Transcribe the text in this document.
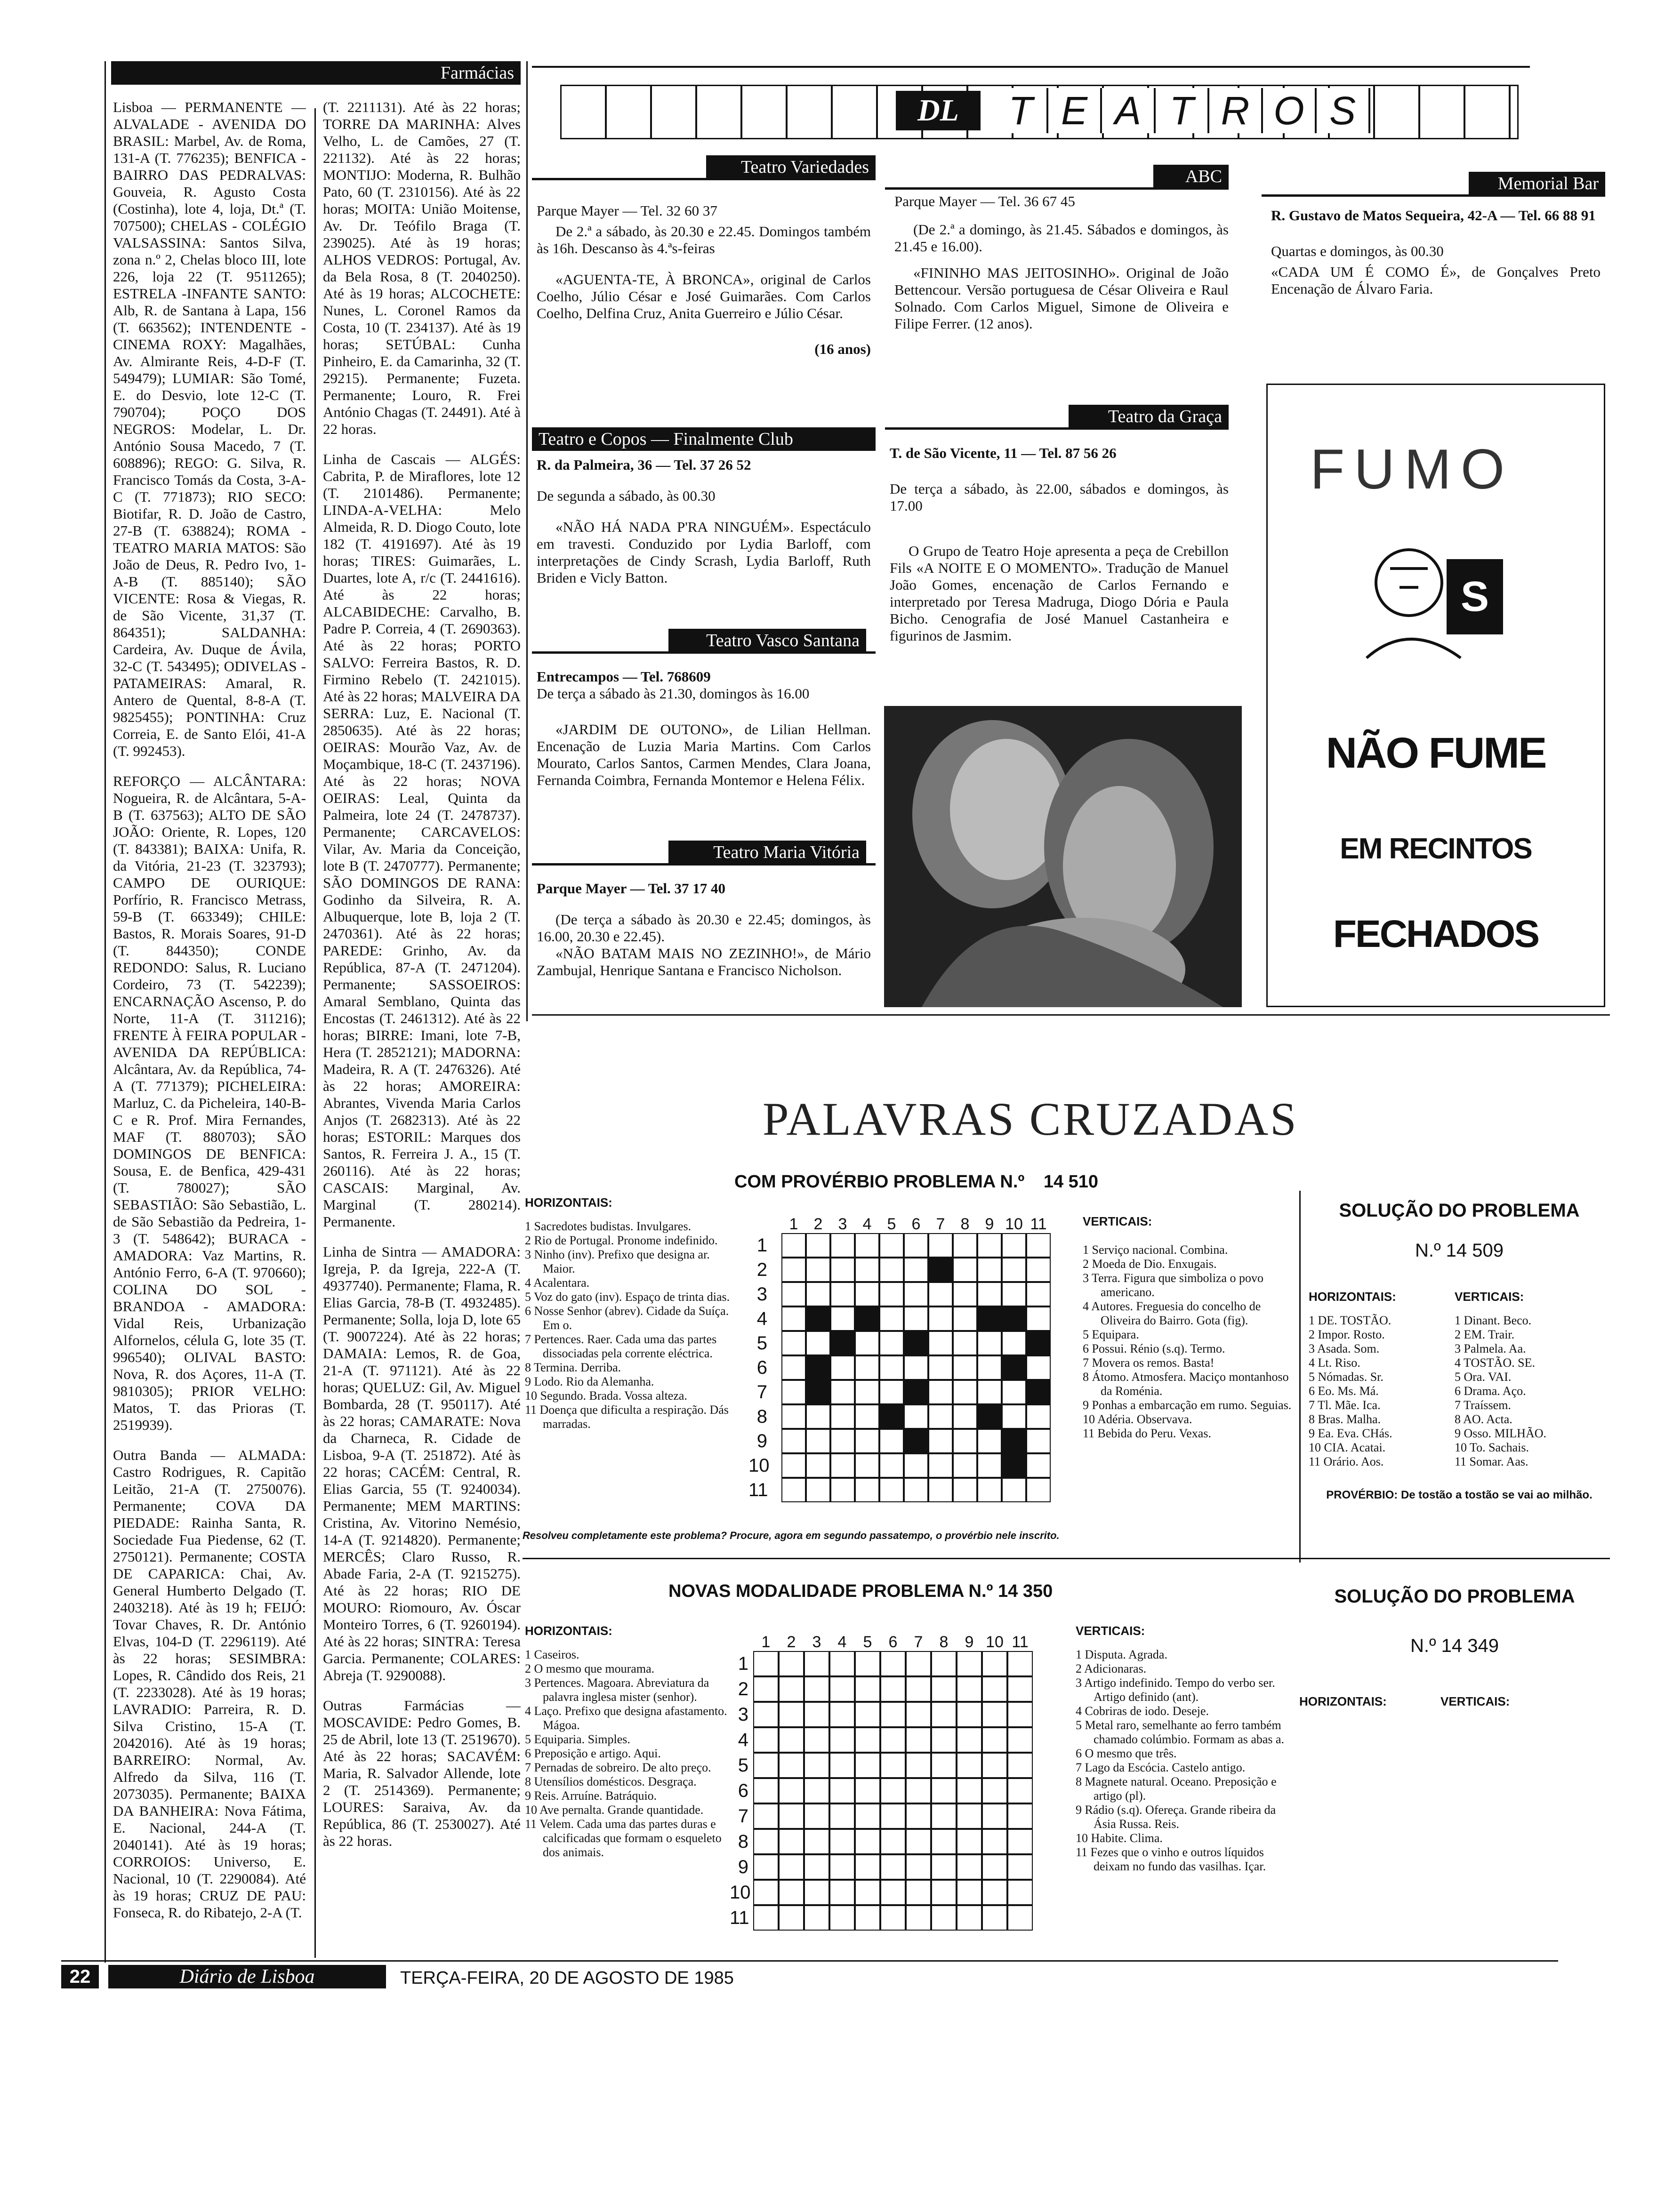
Farmácias

Lisboa — PERMANENTE — ALVALADE - AVENIDA DO BRASIL: Marbel, Av. de Roma, 131-A (T. 776235); BENFICA - BAIRRO DAS PEDRALVAS: Gouveia, R. Agusto Costa (Costinha), lote 4, loja, Dt.ª (T. 707500); CHELAS - COLÉGIO VALSASSINA: Santos Silva, zona n.º 2, Chelas bloco III, lote 226, loja 22 (T. 9511265); ESTRELA -INFANTE SANTO: Alb, R. de Santana à Lapa, 156 (T. 663562); INTENDENTE - CINEMA ROXY: Magalhães, Av. Almirante Reis, 4-D-F (T. 549479); LUMIAR: São Tomé, E. do Desvio, lote 12-C (T. 790704); POÇO DOS NEGROS: Modelar, L. Dr. António Sousa Macedo, 7 (T. 608896); REGO: G. Silva, R. Francisco Tomás da Costa, 3-A-C (T. 771873); RIO SECO: Biotifar, R. D. João de Castro, 27-B (T. 638824); ROMA - TEATRO MARIA MATOS: São João de Deus, R. Pedro Ivo, 1-A-B (T. 885140); SÃO VICENTE: Rosa & Viegas, R. de São Vicente, 31,37 (T. 864351); SALDANHA: Cardeira, Av. Duque de Ávila, 32-C (T. 543495); ODIVELAS - PATAMEIRAS: Amaral, R. Antero de Quental, 8-8-A (T. 9825455); PONTINHA: Cruz Correia, E. de Santo Elói, 41-A (T. 992453).

REFORÇO — ALCÂNTARA: Nogueira, R. de Alcântara, 5-A-B (T. 637563); ALTO DE SÃO JOÃO: Oriente, R. Lopes, 120 (T. 843381); BAIXA: Unifa, R. da Vitória, 21-23 (T. 323793); CAMPO DE OURIQUE: Porfírio, R. Francisco Metrass, 59-B (T. 663349); CHILE: Bastos, R. Morais Soares, 91-D (T. 844350); CONDE REDONDO: Salus, R. Luciano Cordeiro, 73 (T. 542239); ENCARNAÇÃO Ascenso, P. do Norte, 11-A (T. 311216); FRENTE À FEIRA POPULAR - AVENIDA DA REPÚBLICA: Alcântara, Av. da República, 74-A (T. 771379); PICHELEIRA: Marluz, C. da Picheleira, 140-B-C e R. Prof. Mira Fernandes, MAF (T. 880703); SÃO DOMINGOS DE BENFICA: Sousa, E. de Benfica, 429-431 (T. 780027); SÃO SEBASTIÃO: São Sebastião, L. de São Sebastião da Pedreira, 1-3 (T. 548642); BURACA - AMADORA: Vaz Martins, R. António Ferro, 6-A (T. 970660); COLINA DO SOL - BRANDOA - AMADORA: Vidal Reis, Urbanização Alfornelos, célula G, lote 35 (T. 996540); OLIVAL BASTO: Nova, R. dos Açores, 11-A (T. 9810305); PRIOR VELHO: Matos, T. das Prioras (T. 2519939).

Outra Banda — ALMADA: Castro Rodrigues, R. Capitão Leitão, 21-A (T. 2750076). Permanente; COVA DA PIEDADE: Rainha Santa, R. Sociedade Fua Piedense, 62 (T. 2750121). Permanente; COSTA DE CAPARICA: Chai, Av. General Humberto Delgado (T. 2403218). Até às 19 h; FEIJÓ: Tovar Chaves, R. Dr. António Elvas, 104-D (T. 2296119). Até às 22 horas; SESIMBRA: Lopes, R. Cândido dos Reis, 21 (T. 2233028). Até às 19 horas; LAVRADIO: Parreira, R. D. Silva Cristino, 15-A (T. 2042016). Até às 19 horas; BARREIRO: Normal, Av. Alfredo da Silva, 116 (T. 2073035). Permanente; BAIXA DA BANHEIRA: Nova Fátima, E. Nacional, 244-A (T. 2040141). Até às 19 horas; CORROIOS: Universo, E. Nacional, 10 (T. 2290084). Até às 19 horas; CRUZ DE PAU: Fonseca, R. do Ribatejo, 2-A (T.

(T. 2211131). Até às 22 horas; TORRE DA MARINHA: Alves Velho, L. de Camões, 27 (T. 221132). Até às 22 horas; MONTIJO: Moderna, R. Bulhão Pato, 60 (T. 2310156). Até às 22 horas; MOITA: União Moitense, Av. Dr. Teófilo Braga (T. 239025). Até às 19 horas; ALHOS VEDROS: Portugal, Av. da Bela Rosa, 8 (T. 2040250). Até às 19 horas; ALCOCHETE: Nunes, L. Coronel Ramos da Costa, 10 (T. 234137). Até às 19 horas; SETÚBAL: Cunha Pinheiro, E. da Camarinha, 32 (T. 29215). Permanente; Fuzeta. Permanente; Louro, R. Frei António Chagas (T. 24491). Até à 22 horas.

Linha de Cascais — ALGÉS: Cabrita, P. de Miraflores, lote 12 (T. 2101486). Permanente; LINDA-A-VELHA: Melo Almeida, R. D. Diogo Couto, lote 182 (T. 4191697). Até às 19 horas; TIRES: Guimarães, L. Duartes, lote A, r/c (T. 2441616). Até às 22 horas; ALCABIDECHE: Carvalho, B. Padre P. Correia, 4 (T. 2690363). Até às 22 horas; PORTO SALVO: Ferreira Bastos, R. D. Firmino Rebelo (T. 2421015). Até às 22 horas; MALVEIRA DA SERRA: Luz, E. Nacional (T. 2850635). Até às 22 horas; OEIRAS: Mourão Vaz, Av. de Moçambique, 18-C (T. 2437196). Até às 22 horas; NOVA OEIRAS: Leal, Quinta da Palmeira, lote 24 (T. 2478737). Permanente; CARCAVELOS: Vilar, Av. Maria da Conceição, lote B (T. 2470777). Permanente; SÃO DOMINGOS DE RANA: Godinho da Silveira, R. A. Albuquerque, lote B, loja 2 (T. 2470361). Até às 22 horas; PAREDE: Grinho, Av. da República, 87-A (T. 2471204). Permanente; SASSOEIROS: Amaral Semblano, Quinta das Encostas (T. 2461312). Até às 22 horas; BIRRE: Imani, lote 7-B, Hera (T. 2852121); MADORNA: Madeira, R. A (T. 2476326). Até às 22 horas; AMOREIRA: Abrantes, Vivenda Maria Carlos Anjos (T. 2682313). Até às 22 horas; ESTORIL: Marques dos Santos, R. Ferreira J. A., 15 (T. 260116). Até às 22 horas; CASCAIS: Marginal, Av. Marginal (T. 280214). Permanente.

Linha de Sintra — AMADORA: Igreja, P. da Igreja, 222-A (T. 4937740). Permanente; Flama, R. Elias Garcia, 78-B (T. 4932485). Permanente; Solla, loja D, lote 65 (T. 9007224). Até às 22 horas; DAMAIA: Lemos, R. de Goa, 21-A (T. 971121). Até às 22 horas; QUELUZ: Gil, Av. Miguel Bombarda, 28 (T. 950117). Até às 22 horas; CAMARATE: Nova da Charneca, R. Cidade de Lisboa, 9-A (T. 251872). Até às 22 horas; CACÉM: Central, R. Elias Garcia, 55 (T. 9240034). Permanente; MEM MARTINS: Cristina, Av. Vitorino Nemésio, 14-A (T. 9214820). Permanente; MERCÊS; Claro Russo, R. Abade Faria, 2-A (T. 9215275). Até às 22 horas; RIO DE MOURO: Riomouro, Av. Óscar Monteiro Torres, 6 (T. 9260194). Até às 22 horas; SINTRA: Teresa Garcia. Permanente; COLARES: Abreja (T. 9290088).

Outras Farmácias — MOSCAVIDE: Pedro Gomes, B. 25 de Abril, lote 13 (T. 2519670). Até às 22 horas; SACAVÉM: Maria, R. Salvador Allende, lote 2 (T. 2514369). Permanente; LOURES: Saraiva, Av. da República, 86 (T. 2530027). Até às 22 horas.

DL	T E A T R O S
Teatro Variedades

Parque Mayer — Tel. 32 60 37

De 2.ª a sábado, às 20.30 e 22.45. Domingos também às 16h. Descanso às 4.ªs-feiras

«AGUENTA-TE, À BRONCA», original de Carlos Coelho, Júlio César e José Guimarães. Com Carlos Coelho, Delfina Cruz, Anita Guerreiro e Júlio César.

(16 anos)

ABC

Parque Mayer — Tel. 36 67 45

(De 2.ª a domingo, às 21.45. Sábados e domingos, às 21.45 e 16.00).

«FININHO MAS JEITOSINHO». Original de João Bettencour. Versão portuguesa de César Oliveira e Raul Solnado. Com Carlos Miguel, Simone de Oliveira e Filipe Ferrer. (12 anos).

Memorial Bar

R. Gustavo de Matos Sequeira, 42-A — Tel. 66 88 91

Quartas e domingos, às 00.30

«CADA UM É COMO É», de Gonçalves Preto Encenação de Álvaro Faria.

Teatro e Copos — Finalmente Club

R. da Palmeira, 36 — Tel. 37 26 52

De segunda a sábado, às 00.30

«NÃO HÁ NADA P'RA NINGUÉM». Espectáculo em travesti. Conduzido por Lydia Barloff, com interpretações de Cindy Scrash, Lydia Barloff, Ruth Briden e Vicly Batton.

Teatro da Graça

T. de São Vicente, 11 — Tel. 87 56 26

De terça a sábado, às 22.00, sábados e domingos, às 17.00

O Grupo de Teatro Hoje apresenta a peça de Crebillon Fils «A NOITE E O MOMENTO». Tradução de Manuel João Gomes, encenação de Carlos Fernando e interpretado por Teresa Madruga, Diogo Dória e Paula Bicho. Cenografia de José Manuel Castanheira e figurinos de Jasmim.

Teatro Vasco Santana

Entrecampos — Tel. 768609

De terça a sábado às 21.30, domingos às 16.00

«JARDIM DE OUTONO», de Lilian Hellman. Encenação de Luzia Maria Martins. Com Carlos Mourato, Carlos Santos, Carmen Mendes, Clara Joana, Fernanda Coimbra, Fernanda Montemor e Helena Félix.

Teatro Maria Vitória

Parque Mayer — Tel. 37 17 40

(De terça a sábado às 20.30 e 22.45; domingos, às 16.00, 20.30 e 22.45).

«NÃO BATAM MAIS NO ZEZINHO!», de Mário Zambujal, Henrique Santana e Francisco Nicholson.

FUMO
S
NÃO FUME
EM RECINTOS
FECHADOS
PALAVRAS CRUZADAS
COM PROVÉRBIO PROBLEMA N.º 14 510
HORIZONTAIS:
1 Sacredotes budistas. Invulgares.
2 Rio de Portugal. Pronome indefinido.
3 Ninho (inv). Prefixo que designa ar. Maior.
4 Acalentara.
5 Voz do gato (inv). Espaço de trinta dias.
6 Nosse Senhor (abrev). Cidade da Suíça. Em o.
7 Pertences. Raer. Cada uma das partes dissociadas pela corrente eléctrica.
8 Termina. Derriba.
9 Lodo. Rio da Alemanha.
10 Segundo. Brada. Vossa alteza.
11 Doença que dificulta a respiração. Dás marradas.
1 2 3 4 5 6 7 8 9 10 11
1
2
3
4
5
6
7
8
9
10
11
VERTICAIS:
1 Serviço nacional. Combina.
2 Moeda de Dio. Enxugais.
3 Terra. Figura que simboliza o povo americano.
4 Autores. Freguesia do concelho de Oliveira do Bairro. Gota (fig).
5 Equipara.
6 Possui. Rénio (s.q). Termo.
7 Movera os remos. Basta!
8 Átomo. Atmosfera. Maciço montanhoso da Roménia.
9 Ponhas a embarcação em rumo. Seguias.
10 Adéria. Observava.
11 Bebida do Peru. Vexas.
Resolveu completamente este problema? Procure, agora em segundo passatempo, o provérbio nele inscrito.
SOLUÇÃO DO PROBLEMA
N.º 14 509
HORIZONTAIS:
1 DE. TOSTÃO.
2 Impor. Rosto.
3 Asada. Som.
4 Lt. Riso.
5 Nómadas. Sr.
6 Eo. Ms. Má.
7 Tl. Mãe. Ica.
8 Bras. Malha.
9 Ea. Eva. CHás.
10 CIA. Acatai.
11 Orário. Aos.
VERTICAIS:
1 Dinant. Beco.
2 EM. Trair.
3 Palmela. Aa.
4 TOSTÃO. SE.
5 Ora. VAI.
6 Drama. Aço.
7 Traíssem.
8 AO. Acta.
9 Osso. MILHÃO.
10 To. Sachais.
11 Somar. Aas.
PROVÉRBIO: De tostão a tostão se vai ao milhão.
NOVAS MODALIDADE PROBLEMA N.º 14 350
HORIZONTAIS:
1 Caseiros.
2 O mesmo que mourama.
3 Pertences. Magoara. Abreviatura da palavra inglesa mister (senhor).
4 Laço. Prefixo que designa afastamento. Mágoa.
5 Equiparia. Simples.
6 Preposição e artigo. Aqui.
7 Pernadas de sobreiro. De alto preço.
8 Utensílios domésticos. Desgraça.
9 Reis. Arruíne. Batráquio.
10 Ave pernalta. Grande quantidade.
11 Velem. Cada uma das partes duras e calcificadas que formam o esqueleto dos animais.
1	2	3	4	5	6	7	8	9 10 11
1
2
3
4
5
6
7
8
9
10
11
VERTICAIS:
1 Disputa. Agrada.
2 Adicionaras.
3 Artigo indefinido. Tempo do verbo ser. Artigo definido (ant).
4 Cobriras de iodo. Deseje.
5 Metal raro, semelhante ao ferro também chamado colúmbio. Formam as abas a.
6 O mesmo que três.
7 Lago da Escócia. Castelo antigo.
8 Magnete natural. Oceano. Preposição e artigo (pl).
9 Rádio (s.q). Ofereça. Grande ribeira da Ásia Russa. Reis.
10 Habite. Clima.
11 Fezes que o vinho e outros líquidos deixam no fundo das vasilhas. Içar.
SOLUÇÃO DO PROBLEMA
N.º 14 349
HORIZONTAIS:	VERTICAIS:
22	Diário de Lisboa	TERÇA-FEIRA, 20 DE AGOSTO DE 1985
